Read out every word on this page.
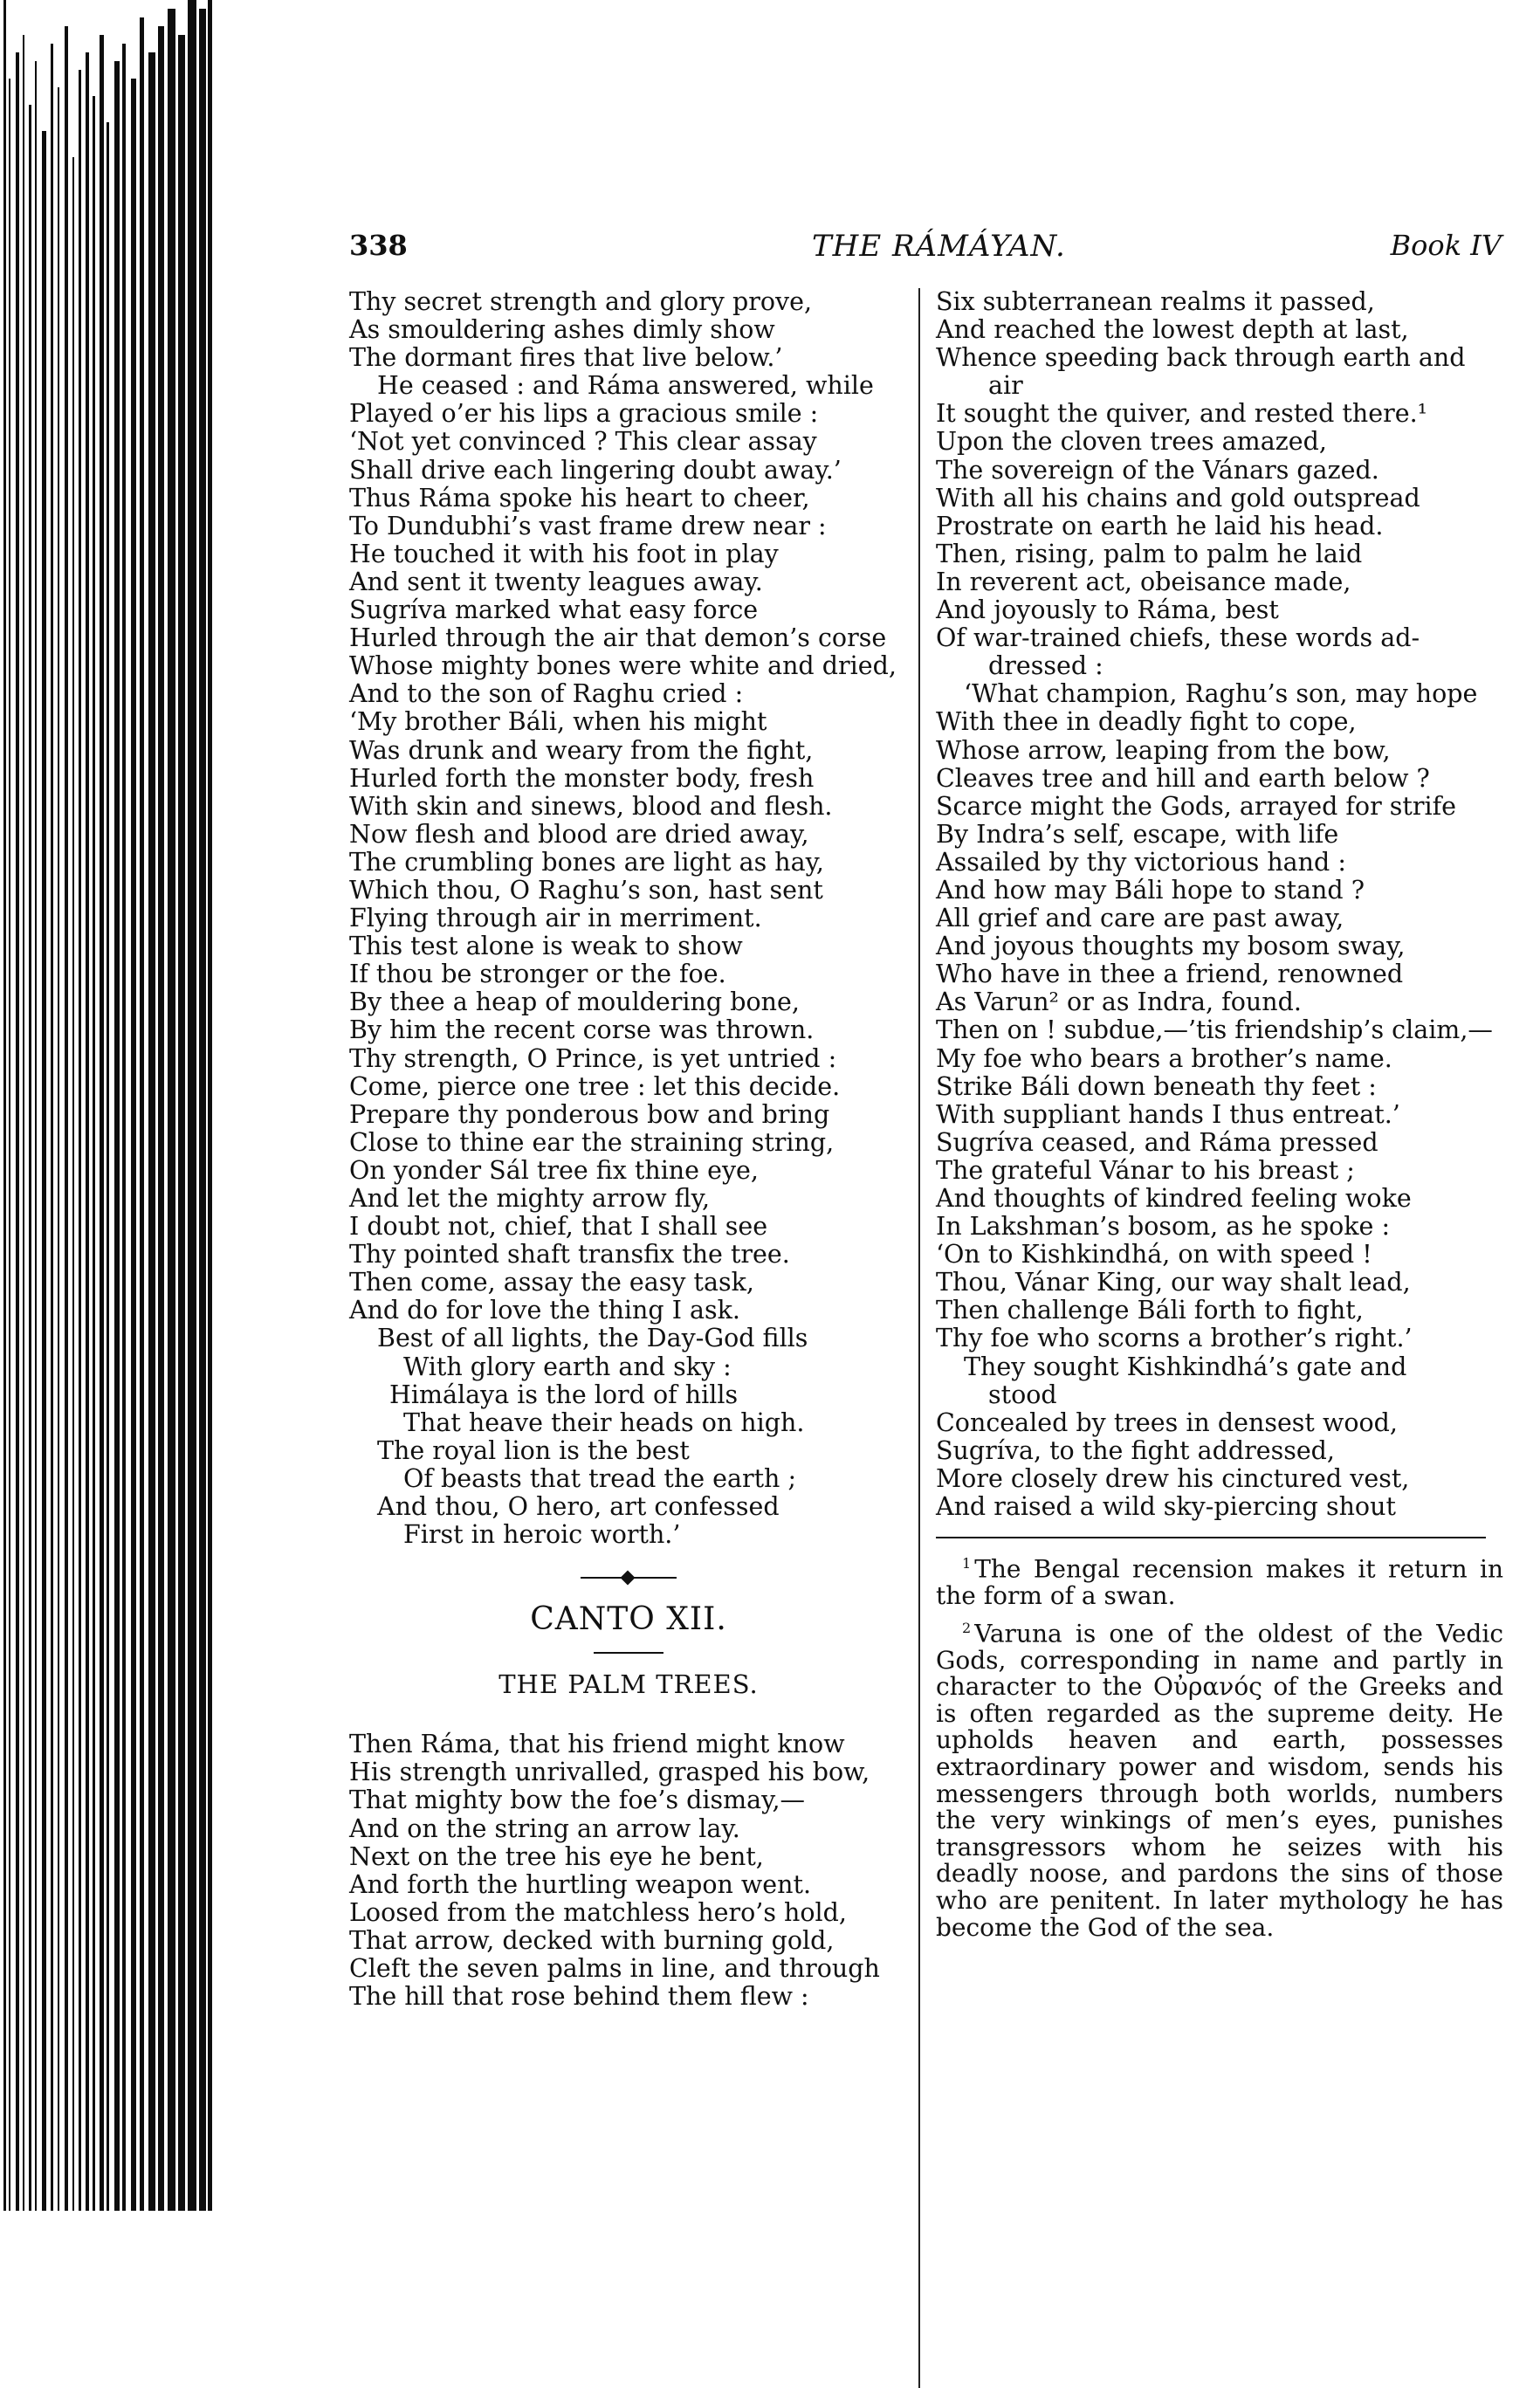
338	THE RÁMÁYAN.	Book IV
Thy secret strength and glory prove,
As smouldering ashes dimly show
The dormant fires that live below.’
He ceased : and Ráma answered, while
Played o’er his lips a gracious smile :
‘Not yet convinced ? This clear assay
Shall drive each lingering doubt away.’
Thus Ráma spoke his heart to cheer,
To Dundubhi’s vast frame drew near :
He touched it with his foot in play
And sent it twenty leagues away.
Sugríva marked what easy force
Hurled through the air that demon’s corse
Whose mighty bones were white and dried,
And to the son of Raghu cried :
‘My brother Báli, when his might
Was drunk and weary from the fight,
Hurled forth the monster body, fresh
With skin and sinews, blood and flesh.
Now flesh and blood are dried away,
The crumbling bones are light as hay,
Which thou, O Raghu’s son, hast sent
Flying through air in merriment.
This test alone is weak to show
If thou be stronger or the foe.
By thee a heap of mouldering bone,
By him the recent corse was thrown.
Thy strength, O Prince, is yet untried :
Come, pierce one tree : let this decide.
Prepare thy ponderous bow and bring
Close to thine ear the straining string,
On yonder Sál tree fix thine eye,
And let the mighty arrow fly,
I doubt not, chief, that I shall see
Thy pointed shaft transfix the tree.
Then come, assay the easy task,
And do for love the thing I ask.
Best of all lights, the Day-God fills
With glory earth and sky :
Himálaya is the lord of hills
That heave their heads on high.
The royal lion is the best
Of beasts that tread the earth ;
And thou, O hero, art confessed
First in heroic worth.’
CANTO XII.
THE PALM TREES.
Then Ráma, that his friend might know
His strength unrivalled, grasped his bow,
That mighty bow the foe’s dismay,—
And on the string an arrow lay.
Next on the tree his eye he bent,
And forth the hurtling weapon went.
Loosed from the matchless hero’s hold,
That arrow, decked with burning gold,
Cleft the seven palms in line, and through
The hill that rose behind them flew :
Six subterranean realms it passed,
And reached the lowest depth at last,
Whence speeding back through earth and
air
It sought the quiver, and rested there.¹
Upon the cloven trees amazed,
The sovereign of the Vánars gazed.
With all his chains and gold outspread
Prostrate on earth he laid his head.
Then, rising, palm to palm he laid
In reverent act, obeisance made,
And joyously to Ráma, best
Of war-trained chiefs, these words ad-
dressed :
‘What champion, Raghu’s son, may hope
With thee in deadly fight to cope,
Whose arrow, leaping from the bow,
Cleaves tree and hill and earth below ?
Scarce might the Gods, arrayed for strife
By Indra’s self, escape, with life
Assailed by thy victorious hand :
And how may Báli hope to stand ?
All grief and care are past away,
And joyous thoughts my bosom sway,
Who have in thee a friend, renowned
As Varun² or as Indra, found.
Then on ! subdue,—’tis friendship’s claim,—
My foe who bears a brother’s name.
Strike Báli down beneath thy feet :
With suppliant hands I thus entreat.’
Sugríva ceased, and Ráma pressed
The grateful Vánar to his breast ;
And thoughts of kindred feeling woke
In Lakshman’s bosom, as he spoke :
‘On to Kishkindhá, on with speed !
Thou, Vánar King, our way shalt lead,
Then challenge Báli forth to fight,
Thy foe who scorns a brother’s right.’
They sought Kishkindhá’s gate and
stood
Concealed by trees in densest wood,
Sugríva, to the fight addressed,
More closely drew his cinctured vest,
And raised a wild sky-piercing shout

$^1$ The Bengal recension makes it return in the form of a swan.

$^2$ Varuna is one of the oldest of the Vedic Gods, corresponding in name and partly in character to the Οὐρανός of the Greeks and is often regarded as the supreme deity. He upholds heaven and earth, possesses extraordinary power and wisdom, sends his messengers through both worlds, numbers the very winkings of men’s eyes, punishes transgressors whom he seizes with his deadly noose, and pardons the sins of those who are penitent. In later mythology he has become the God of the sea.
